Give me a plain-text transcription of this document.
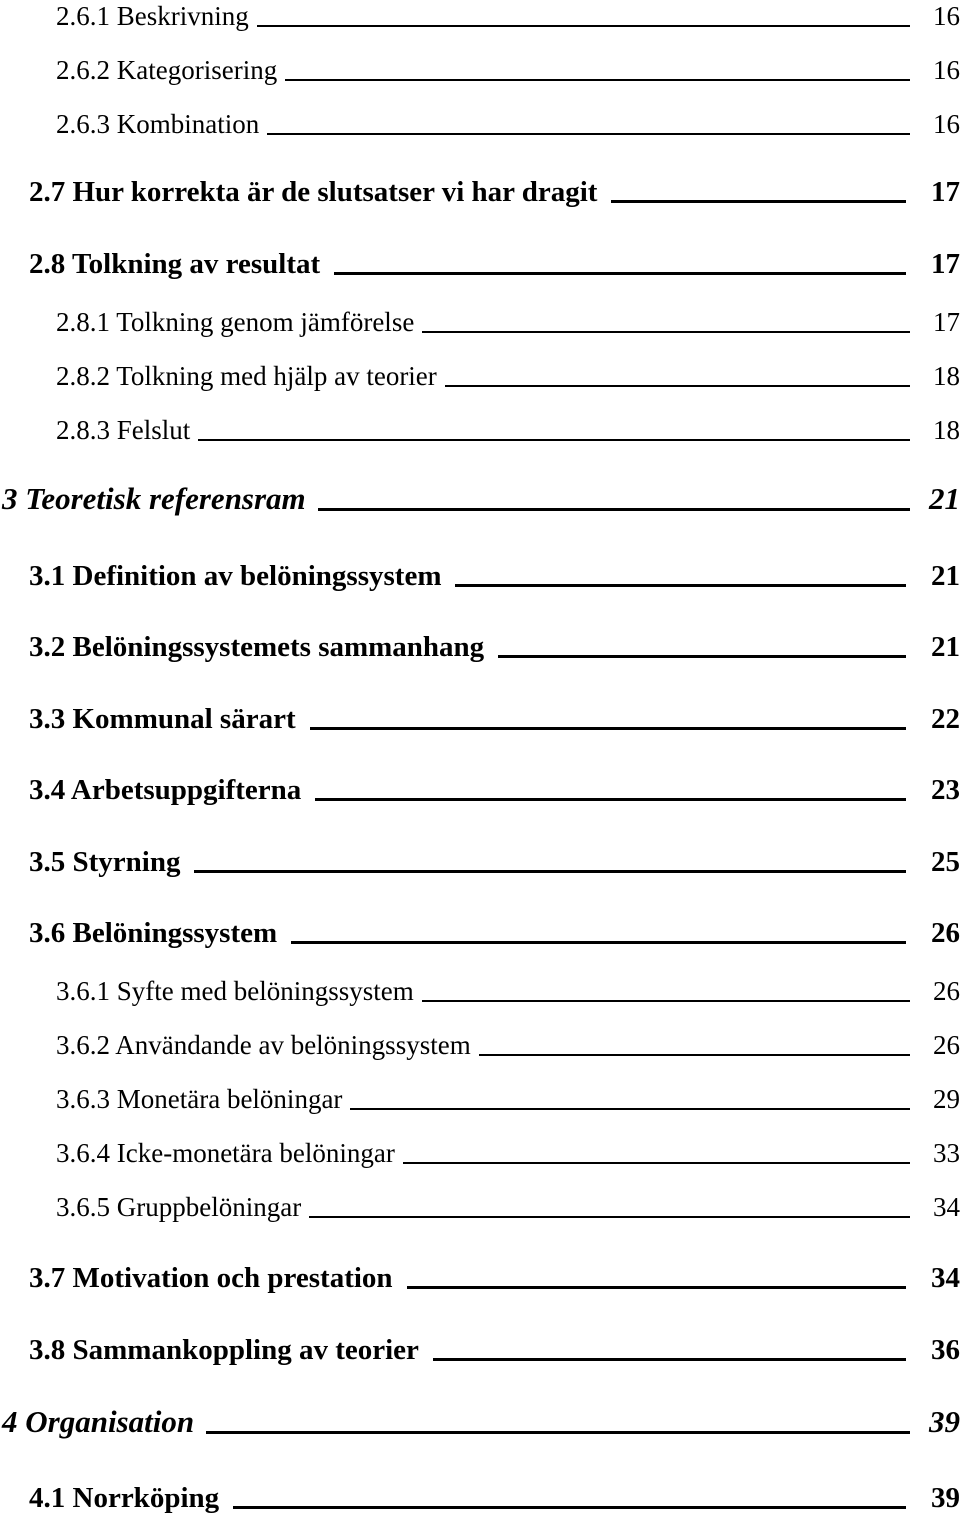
2.6.1 Beskrivning	16
2.6.2 Kategorisering	16
2.6.3 Kombination	16
2.7 Hur korrekta är de slutsatser vi har dragit	17
2.8 Tolkning av resultat	17
2.8.1 Tolkning genom jämförelse	17
2.8.2 Tolkning med hjälp av teorier	18
2.8.3 Felslut	18
3 Teoretisk referensram	21
3.1 Definition av belöningssystem	21
3.2 Belöningssystemets sammanhang	21
3.3 Kommunal särart	22
3.4 Arbetsuppgifterna	23
3.5 Styrning	25
3.6 Belöningssystem	26
3.6.1 Syfte med belöningssystem	26
3.6.2 Användande av belöningssystem	26
3.6.3 Monetära belöningar	29
3.6.4 Icke-monetära belöningar	33
3.6.5 Gruppbelöningar	34
3.7 Motivation och prestation	34
3.8 Sammankoppling av teorier	36
4 Organisation	39
4.1 Norrköping	39
